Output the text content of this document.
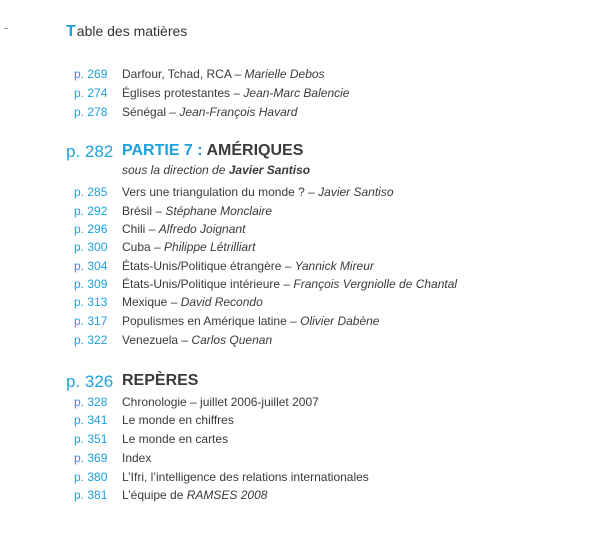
Table des matières
p. 269	Darfour, Tchad, RCA – Marielle Debos
p. 274	Églises protestantes – Jean-Marc Balencie
p. 278	Sénégal – Jean-François Havard
p. 282 PARTIE 7 : AMÉRIQUES
sous la direction de Javier Santiso
p. 285	Vers une triangulation du monde ? – Javier Santiso
p. 292	Brésil – Stéphane Monclaire
p. 296	Chili – Alfredo Joignant
p. 300	Cuba – Philippe Létrilliart
p. 304	États-Unis/Politique étrangère – Yannick Mireur
p. 309	États-Unis/Politique intérieure – François Vergniolle de Chantal
p. 313	Mexique – David Recondo
p. 317	Populismes en Amérique latine – Olivier Dabène
p. 322	Venezuela – Carlos Quenan
p. 326 REPÈRES
p. 328	Chronologie – juillet 2006-juillet 2007
p. 341	Le monde en chiffres
p. 351	Le monde en cartes
p. 369	Index
p. 380	L’Ifri, l’intelligence des relations internationales
p. 381	L’équipe de RAMSES 2008
